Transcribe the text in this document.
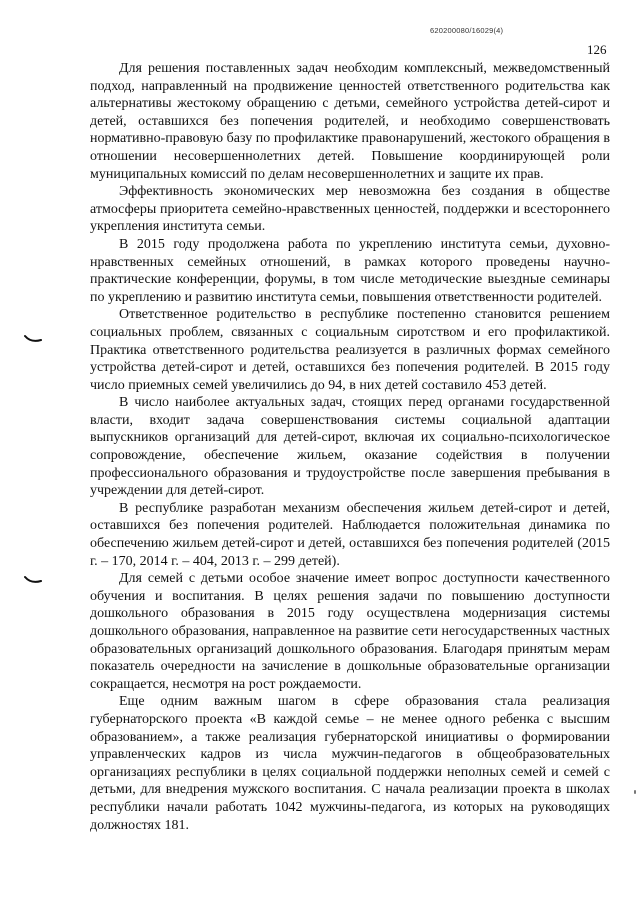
620200080/16029(4)
126

Для решения поставленных задач необходим комплексный, межведомственный подход, направленный на продвижение ценностей ответственного родительства как альтернативы жестокому обращению с детьми, семейного устройства детей-сирот и детей, оставшихся без попечения родителей, и необходимо совершенствовать нормативно-правовую базу по профилактике правонарушений, жестокого обращения в отношении несовершеннолетних детей. Повышение координирующей роли муниципальных комиссий по делам несовершеннолетних и защите их прав.

Эффективность экономических мер невозможна без создания в обществе атмосферы приоритета семейно-нравственных ценностей, поддержки и всестороннего укрепления института семьи.

В 2015 году продолжена работа по укреплению института семьи, духовно-нравственных семейных отношений, в рамках которого проведены научно-практические конференции, форумы, в том числе методические выездные семинары по укреплению и развитию института семьи, повышения ответственности родителей.

Ответственное родительство в республике постепенно становится решением социальных проблем, связанных с социальным сиротством и его профилактикой. Практика ответственного родительства реализуется в различных формах семейного устройства детей-сирот и детей, оставшихся без попечения родителей. В 2015 году число приемных семей увеличились до 94, в них детей составило 453 детей.

В число наиболее актуальных задач, стоящих перед органами государственной власти, входит задача совершенствования системы социальной адаптации выпускников организаций для детей-сирот, включая их социально-психологическое сопровождение, обеспечение жильем, оказание содействия в получении профессионального образования и трудоустройстве после завершения пребывания в учреждении для детей-сирот.

В республике разработан механизм обеспечения жильем детей-сирот и детей, оставшихся без попечения родителей. Наблюдается положительная динамика по обеспечению жильем детей-сирот и детей, оставшихся без попечения родителей (2015 г. – 170, 2014 г. – 404, 2013 г. – 299 детей).

Для семей с детьми особое значение имеет вопрос доступности качественного обучения и воспитания. В целях решения задачи по повышению доступности дошкольного образования в 2015 году осуществлена модернизация системы дошкольного образования, направленное на развитие сети негосударственных частных образовательных организаций дошкольного образования. Благодаря принятым мерам показатель очередности на зачисление в дошкольные образовательные организации сокращается, несмотря на рост рождаемости.

Еще одним важным шагом в сфере образования стала реализация губернаторского проекта «В каждой семье – не менее одного ребенка с высшим образованием», а также реализация губернаторской инициативы о формировании управленческих кадров из числа мужчин-педагогов в общеобразовательных организациях республики в целях социальной поддержки неполных семей и семей с детьми, для внедрения мужского воспитания. С начала реализации проекта в школах республики начали работать 1042 мужчины-педагога, из которых на руководящих должностях 181.
